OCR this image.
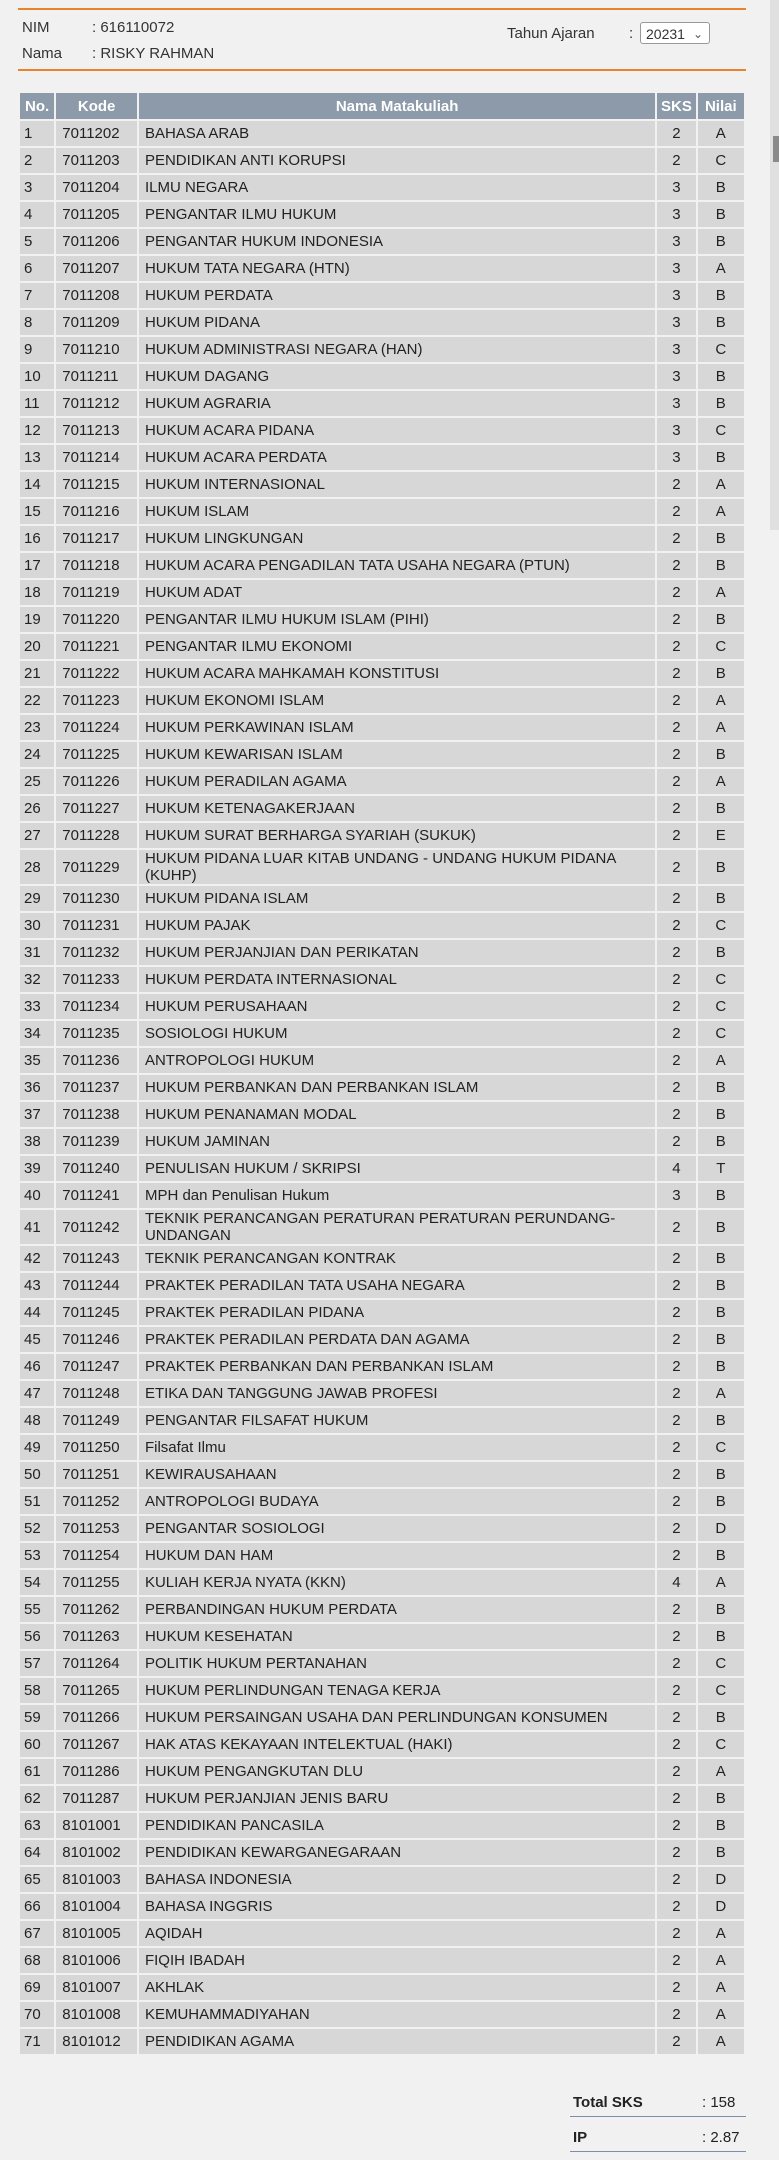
NIM	: 616110072
Nama : RISKY RAHMAN
Tahun Ajaran : 20231 ⌄
No.	Kode	Nama Matakuliah	SKS	Nilai
1	7011202	BAHASA ARAB	2	A
2	7011203	PENDIDIKAN ANTI KORUPSI	2	C
3	7011204	ILMU NEGARA	3	B
4	7011205	PENGANTAR ILMU HUKUM	3	B
5	7011206	PENGANTAR HUKUM INDONESIA	3	B
6	7011207	HUKUM TATA NEGARA (HTN)	3	A
7	7011208	HUKUM PERDATA	3	B
8	7011209	HUKUM PIDANA	3	B
9	7011210	HUKUM ADMINISTRASI NEGARA (HAN)	3	C
10	7011211	HUKUM DAGANG	3	B
11	7011212	HUKUM AGRARIA	3	B
12	7011213	HUKUM ACARA PIDANA	3	C
13	7011214	HUKUM ACARA PERDATA	3	B
14	7011215	HUKUM INTERNASIONAL	2	A
15	7011216	HUKUM ISLAM	2	A
16	7011217	HUKUM LINGKUNGAN	2	B
17	7011218	HUKUM ACARA PENGADILAN TATA USAHA NEGARA (PTUN)	2	B
18	7011219	HUKUM ADAT	2	A
19	7011220	PENGANTAR ILMU HUKUM ISLAM (PIHI)	2	B
20	7011221	PENGANTAR ILMU EKONOMI	2	C
21	7011222	HUKUM ACARA MAHKAMAH KONSTITUSI	2	B
22	7011223	HUKUM EKONOMI ISLAM	2	A
23	7011224	HUKUM PERKAWINAN ISLAM	2	A
24	7011225	HUKUM KEWARISAN ISLAM	2	B
25	7011226	HUKUM PERADILAN AGAMA	2	A
26	7011227	HUKUM KETENAGAKERJAAN	2	B
27	7011228	HUKUM SURAT BERHARGA SYARIAH (SUKUK)	2	E
28	7011229	HUKUM PIDANA LUAR KITAB UNDANG - UNDANG HUKUM PIDANA (KUHP)	2	B
29	7011230	HUKUM PIDANA ISLAM	2	B
30	7011231	HUKUM PAJAK	2	C
31	7011232	HUKUM PERJANJIAN DAN PERIKATAN	2	B
32	7011233	HUKUM PERDATA INTERNASIONAL	2	C
33	7011234	HUKUM PERUSAHAAN	2	C
34	7011235	SOSIOLOGI HUKUM	2	C
35	7011236	ANTROPOLOGI HUKUM	2	A
36	7011237	HUKUM PERBANKAN DAN PERBANKAN ISLAM	2	B
37	7011238	HUKUM PENANAMAN MODAL	2	B
38	7011239	HUKUM JAMINAN	2	B
39	7011240	PENULISAN HUKUM / SKRIPSI	4	T
40	7011241	MPH dan Penulisan Hukum	3	B
41	7011242	TEKNIK PERANCANGAN PERATURAN PERATURAN PERUNDANG-UNDANGAN	2	B
42	7011243	TEKNIK PERANCANGAN KONTRAK	2	B
43	7011244	PRAKTEK PERADILAN TATA USAHA NEGARA	2	B
44	7011245	PRAKTEK PERADILAN PIDANA	2	B
45	7011246	PRAKTEK PERADILAN PERDATA DAN AGAMA	2	B
46	7011247	PRAKTEK PERBANKAN DAN PERBANKAN ISLAM	2	B
47	7011248	ETIKA DAN TANGGUNG JAWAB PROFESI	2	A
48	7011249	PENGANTAR FILSAFAT HUKUM	2	B
49	7011250	Filsafat Ilmu	2	C
50	7011251	KEWIRAUSAHAAN	2	B
51	7011252	ANTROPOLOGI BUDAYA	2	B
52	7011253	PENGANTAR SOSIOLOGI	2	D
53	7011254	HUKUM DAN HAM	2	B
54	7011255	KULIAH KERJA NYATA (KKN)	4	A
55	7011262	PERBANDINGAN HUKUM PERDATA	2	B
56	7011263	HUKUM KESEHATAN	2	B
57	7011264	POLITIK HUKUM PERTANAHAN	2	C
58	7011265	HUKUM PERLINDUNGAN TENAGA KERJA	2	C
59	7011266	HUKUM PERSAINGAN USAHA DAN PERLINDUNGAN KONSUMEN	2	B
60	7011267	HAK ATAS KEKAYAAN INTELEKTUAL (HAKI)	2	C
61	7011286	HUKUM PENGANGKUTAN DLU	2	A
62	7011287	HUKUM PERJANJIAN JENIS BARU	2	B
63	8101001	PENDIDIKAN PANCASILA	2	B
64	8101002	PENDIDIKAN KEWARGANEGARAAN	2	B
65	8101003	BAHASA INDONESIA	2	D
66	8101004	BAHASA INGGRIS	2	D
67	8101005	AQIDAH	2	A
68	8101006	FIQIH IBADAH	2	A
69	8101007	AKHLAK	2	A
70	8101008	KEMUHAMMADIYAHAN	2	A
71	8101012	PENDIDIKAN AGAMA	2	A
Total SKS	: 158
IP	: 2.87
